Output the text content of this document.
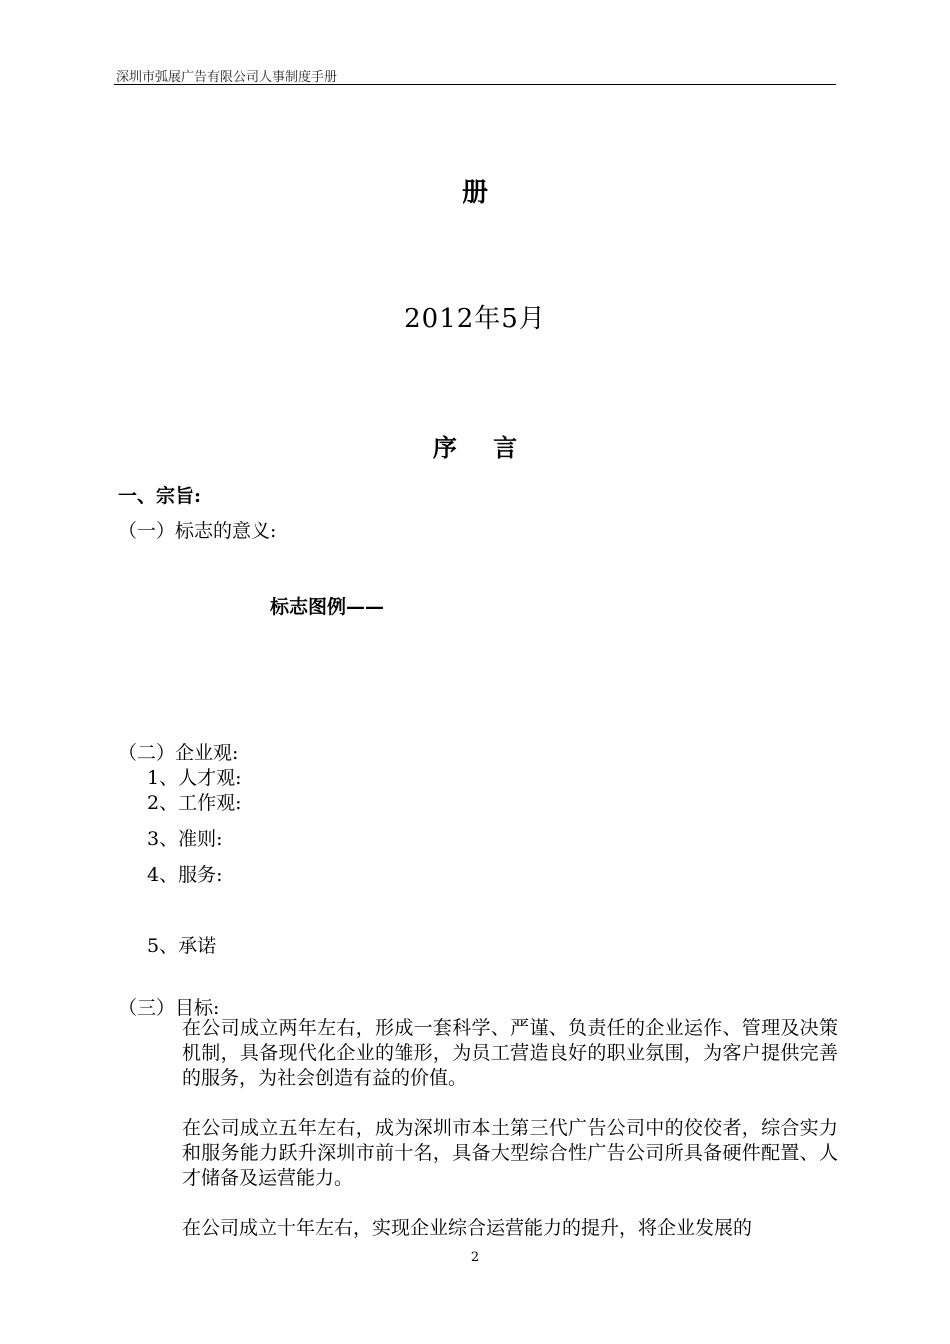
深圳市弧展广告有限公司人事制度手册
册
2012年5月
序 言
一、宗旨:
（一）标志的意义:
标志图例——
（二）企业观:
1、人才观:
2、工作观:
3、准则:
4、服务:
5、承诺
（三）目标:
在公司成立两年左右，形成一套科学、严谨、负责任的企业运作、管理及决策机制，具备现代化企业的雏形，为员工营造良好的职业氛围，为客户提供完善的服务，为社会创造有益的价值。
在公司成立五年左右，成为深圳市本土第三代广告公司中的佼佼者，综合实力和服务能力跃升深圳市前十名，具备大型综合性广告公司所具备硬件配置、人才储备及运营能力。
在公司成立十年左右，实现企业综合运营能力的提升，将企业发展的
2
